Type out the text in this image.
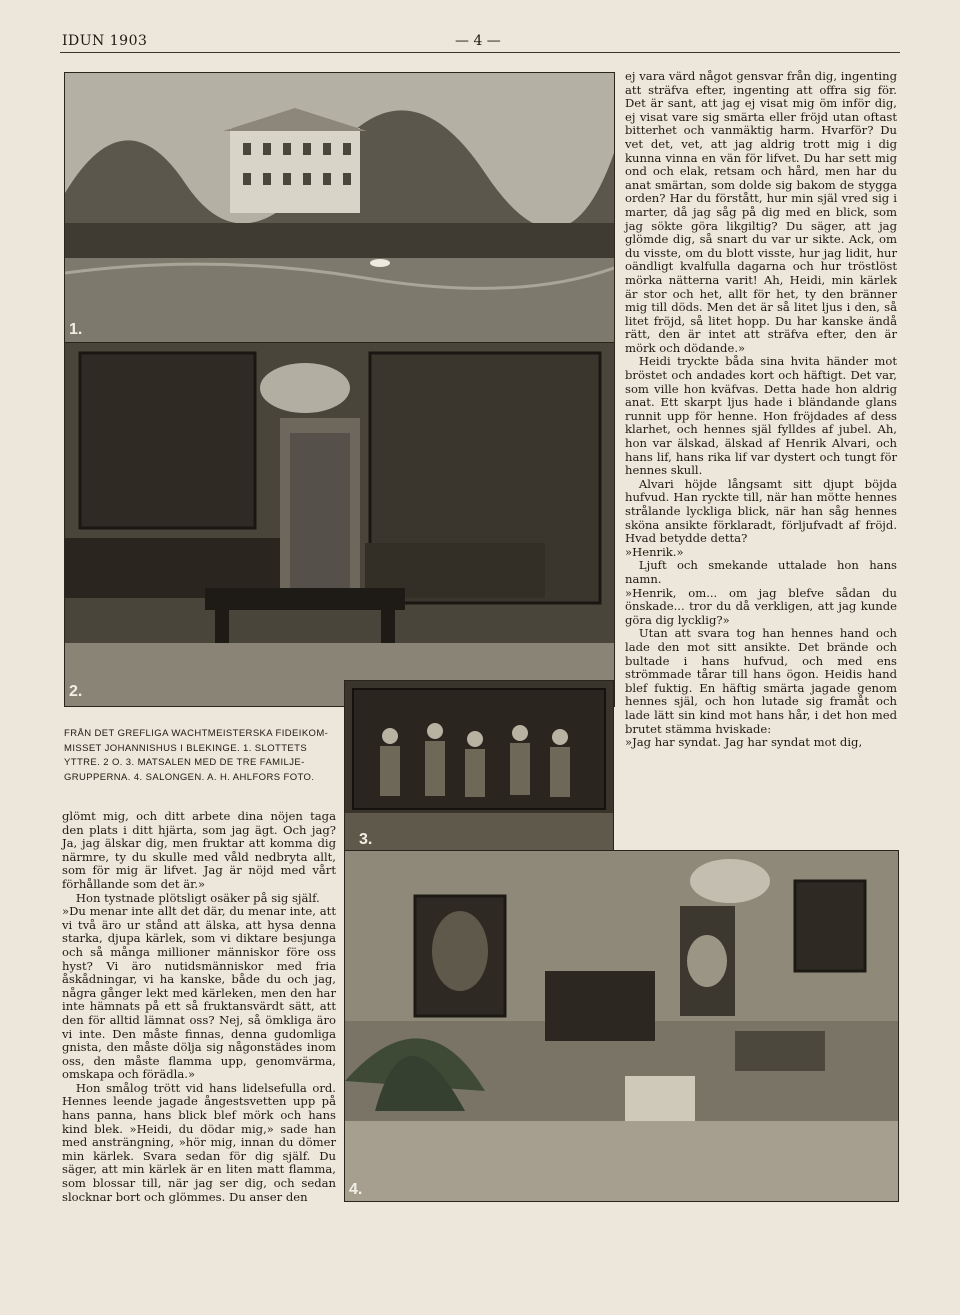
IDUN 1903	— 4 —
1.
2.
3.
4.
FRÅN DET GREFLIGA WACHTMEISTERSKA FIDEIKOM- MISSET JOHANNISHUS I BLEKINGE. 1. SLOTTETS YTTRE. 2 O. 3. MATSALEN MED DE TRE FAMILJE- GRUPPERNA. 4. SALONGEN. A. H. AHLFORS FOTO.

ej vara värd något gensvar från dig, ingenting att sträfva efter, ingenting att offra sig för. Det är sant, att jag ej visat mig öm inför dig, ej visat vare sig smärta eller fröjd utan oftast bitterhet och vanmäktig harm. Hvarför? Du vet det, vet, att jag aldrig trott mig i dig kunna vinna en vän för lifvet. Du har sett mig ond och elak, retsam och hård, men har du anat smärtan, som dolde sig bakom de stygga orden? Har du förstått, hur min själ vred sig i marter, då jag såg på dig med en blick, som jag sökte göra likgiltig? Du säger, att jag glömde dig, så snart du var ur sikte. Ack, om du visste, om du blott visste, hur jag lidit, hur oändligt kvalfulla dagarna och hur tröstlöst mörka nätterna varit! Ah, Heidi, min kärlek är stor och het, allt för het, ty den bränner mig till döds. Men det är så litet ljus i den, så litet fröjd, så litet hopp. Du har kanske ändå rätt, den är intet att sträfva efter, den är mörk och dödande.»

Heidi tryckte båda sina hvita händer mot bröstet och andades kort och häftigt. Det var, som ville hon kväfvas. Detta hade hon aldrig anat. Ett skarpt ljus hade i bländande glans runnit upp för henne. Hon fröjdades af dess klarhet, och hennes själ fylldes af jubel. Ah, hon var älskad, älskad af Henrik Alvari, och hans lif, hans rika lif var dystert och tungt för hennes skull.

Alvari höjde långsamt sitt djupt böjda hufvud. Han ryckte till, när han mötte hennes strålande lyckliga blick, när han såg hennes sköna ansikte förklaradt, förljufvadt af fröjd. Hvad betydde detta?

»Henrik.»

Ljuft och smekande uttalade hon hans namn.

»Henrik, om... om jag blefve sådan du önskade... tror du då verkligen, att jag kunde göra dig lycklig?»

Utan att svara tog han hennes hand och lade den mot sitt ansikte. Det brände och bultade i hans hufvud, och med ens strömmade tårar till hans ögon. Heidis hand blef fuktig. En häftig smärta jagade genom hennes själ, och hon lutade sig framåt och lade lätt sin kind mot hans hår, i det hon med brutet stämma hviskade:

»Jag har syndat. Jag har syndat mot dig,

glömt mig, och ditt arbete dina nöjen taga den plats i ditt hjärta, som jag ägt. Och jag? Ja, jag älskar dig, men fruktar att komma dig närmre, ty du skulle med våld nedbryta allt, som för mig är lifvet. Jag är nöjd med vårt förhållande som det är.»

Hon tystnade plötsligt osäker på sig själf.

»Du menar inte allt det där, du menar inte, att vi två äro ur stånd att älska, att hysa denna starka, djupa kärlek, som vi diktare besjunga och så många millioner människor före oss hyst? Vi äro nutidsmänniskor med fria åskådningar, vi ha kanske, både du och jag, några gånger lekt med kärleken, men den har inte hämnats på ett så fruktansvärdt sätt, att den för alltid lämnat oss? Nej, så ömkliga äro vi inte. Den måste finnas, denna gudomliga gnista, den måste dölja sig någonstädes inom oss, den måste flamma upp, genomvärma, omskapa och förädla.»

Hon smålog trött vid hans lidelsefulla ord. Hennes leende jagade ångestsvetten upp på hans panna, hans blick blef mörk och hans kind blek. »Heidi, du dödar mig,» sade han med ansträngning, »hör mig, innan du dömer min kärlek. Svara sedan för dig själf. Du säger, att min kärlek är en liten matt flamma, som blossar till, när jag ser dig, och sedan slocknar bort och glömmes. Du anser den
